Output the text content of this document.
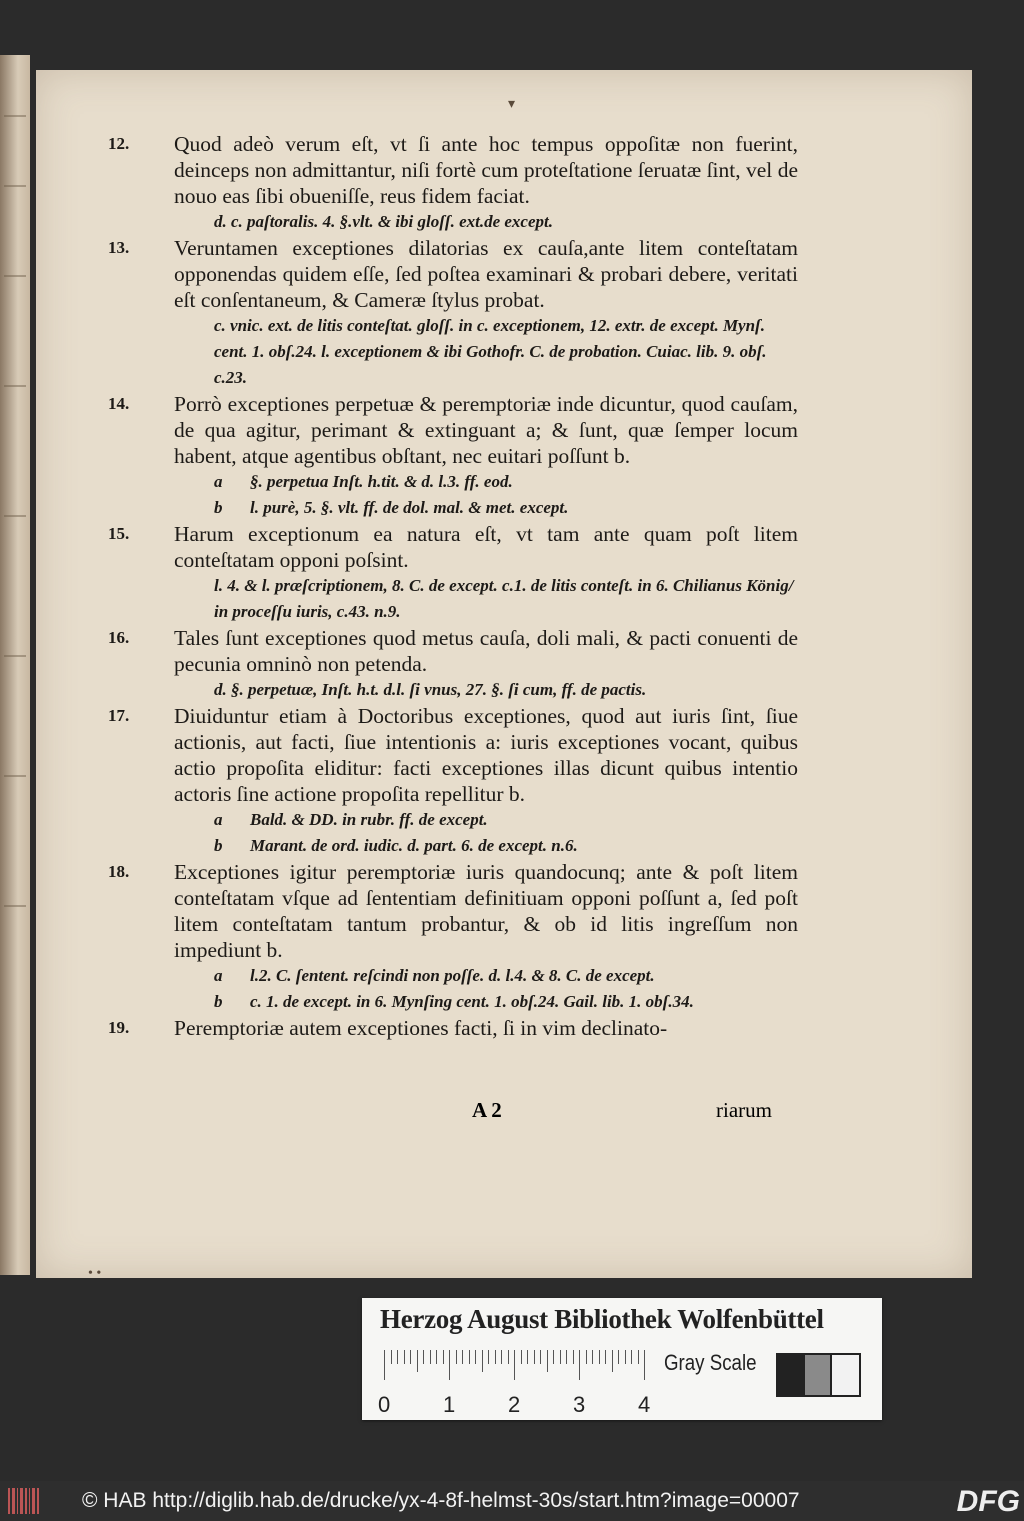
12. Quod adeò verum eſt, vt ſi ante hoc tempus oppoſitæ non fuerint, deinceps non admittantur, niſi fortè cum proteſtatione ſeruatæ ſint, vel de nouo eas ſibi obueniſſe, reus fidem faciat.
d. c. paſtoralis. 4. §.vlt. & ibi gloſſ. ext.de except.
13. Veruntamen exceptiones dilatorias ex cauſa,ante litem conteſtatam opponendas quidem eſſe, ſed poſtea examinari & probari debere, veritati eſt conſentaneum, & Cameræ ſtylus probat.
c. vnic. ext. de litis conteſtat. gloſſ. in c. exceptionem, 12. extr. de except. Mynſ. cent. 1. obſ.24. l. exceptionem & ibi Gothofr. C. de probation. Cuiac. lib. 9. obſ. c.23.
14. Porrò exceptiones perpetuæ & peremptoriæ inde dicuntur, quod cauſam, de qua agitur, perimant & extinguant a; & ſunt, quæ ſemper locum habent, atque agentibus obſtant, nec euitari poſſunt b.
a §. perpetua Inſt. h.tit. & d. l.3. ff. eod.
b l. purè, 5. §. vlt. ff. de dol. mal. & met. except.
15. Harum exceptionum ea natura eſt, vt tam ante quam poſt litem conteſtatam opponi poſsint.
l. 4. & l. præſcriptionem, 8. C. de except. c.1. de litis conteſt. in 6. Chilianus König/ in proceſſu iuris, c.43. n.9.
16. Tales ſunt exceptiones quod metus cauſa, doli mali, & pacti conuenti de pecunia omninò non petenda.
d. §. perpetuæ, Inſt. h.t. d.l. ſi vnus, 27. §. ſi cum, ff. de pactis.
17. Diuiduntur etiam à Doctoribus exceptiones, quod aut iuris ſint, ſiue actionis, aut facti, ſiue intentionis a: iuris exceptiones vocant, quibus actio propoſita eliditur: facti exceptiones illas dicunt quibus intentio actoris ſine actione propoſita repellitur b.
a Bald. & DD. in rubr. ff. de except.
b Marant. de ord. iudic. d. part. 6. de except. n.6.
18. Exceptiones igitur peremptoriæ iuris quandocunq; ante & poſt litem conteſtatam vſque ad ſententiam definitiuam opponi poſſunt a, ſed poſt litem conteſtatam tantum probantur, & ob id litis ingreſſum non impediunt b.
a l.2. C. ſentent. reſcindi non poſſe. d. l.4. & 8. C. de except.
b c. 1. de except. in 6. Mynſing cent. 1. obſ.24. Gail. lib. 1. obſ.34.
19. Peremptoriæ autem exceptiones facti, ſi in vim declinato-
▾
• •
A 2	riarum
Herzog August Bibliothek Wolfenbüttel
0 1 2 3 4
Gray Scale
© HAB http://diglib.hab.de/drucke/yx-4-8f-helmst-30s/start.htm?image=00007	DFG
